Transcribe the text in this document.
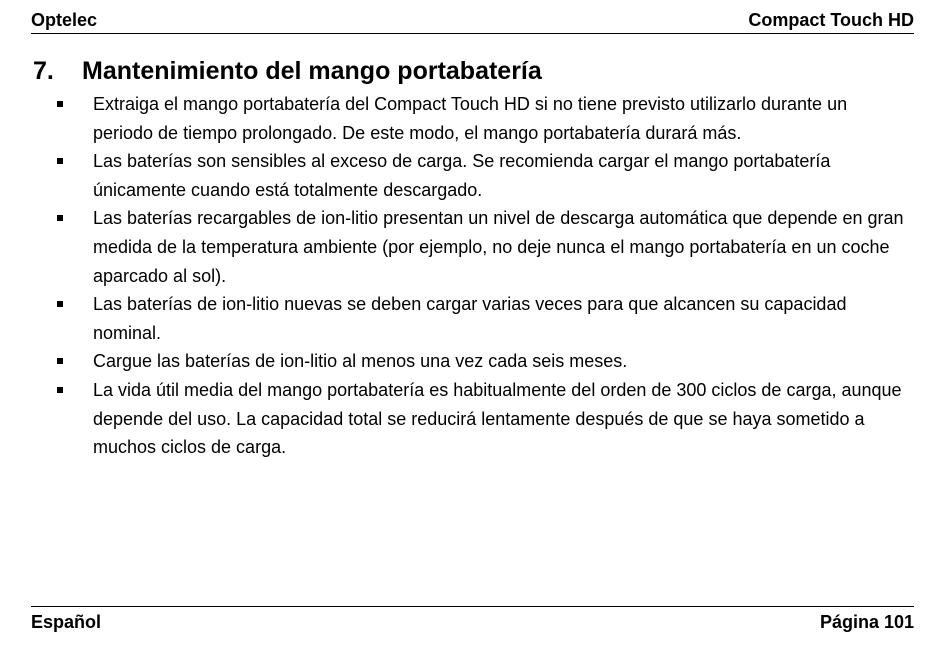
Optelec	Compact Touch HD
7. Mantenimiento del mango portabatería
Extraiga el mango portabatería del Compact Touch HD si no tiene previsto utilizarlo durante un periodo de tiempo prolongado. De este modo, el mango portabatería durará más.
Las baterías son sensibles al exceso de carga. Se recomienda cargar el mango portabatería únicamente cuando está totalmente descargado.
Las baterías recargables de ion-litio presentan un nivel de descarga automática que depende en gran medida de la temperatura ambiente (por ejemplo, no deje nunca el mango portabatería en un coche aparcado al sol).
Las baterías de ion-litio nuevas se deben cargar varias veces para que alcancen su capacidad nominal.
Cargue las baterías de ion-litio al menos una vez cada seis meses.
La vida útil media del mango portabatería es habitualmente del orden de 300 ciclos de carga, aunque depende del uso. La capacidad total se reducirá lentamente después de que se haya sometido a muchos ciclos de carga.
Español	Página 101
